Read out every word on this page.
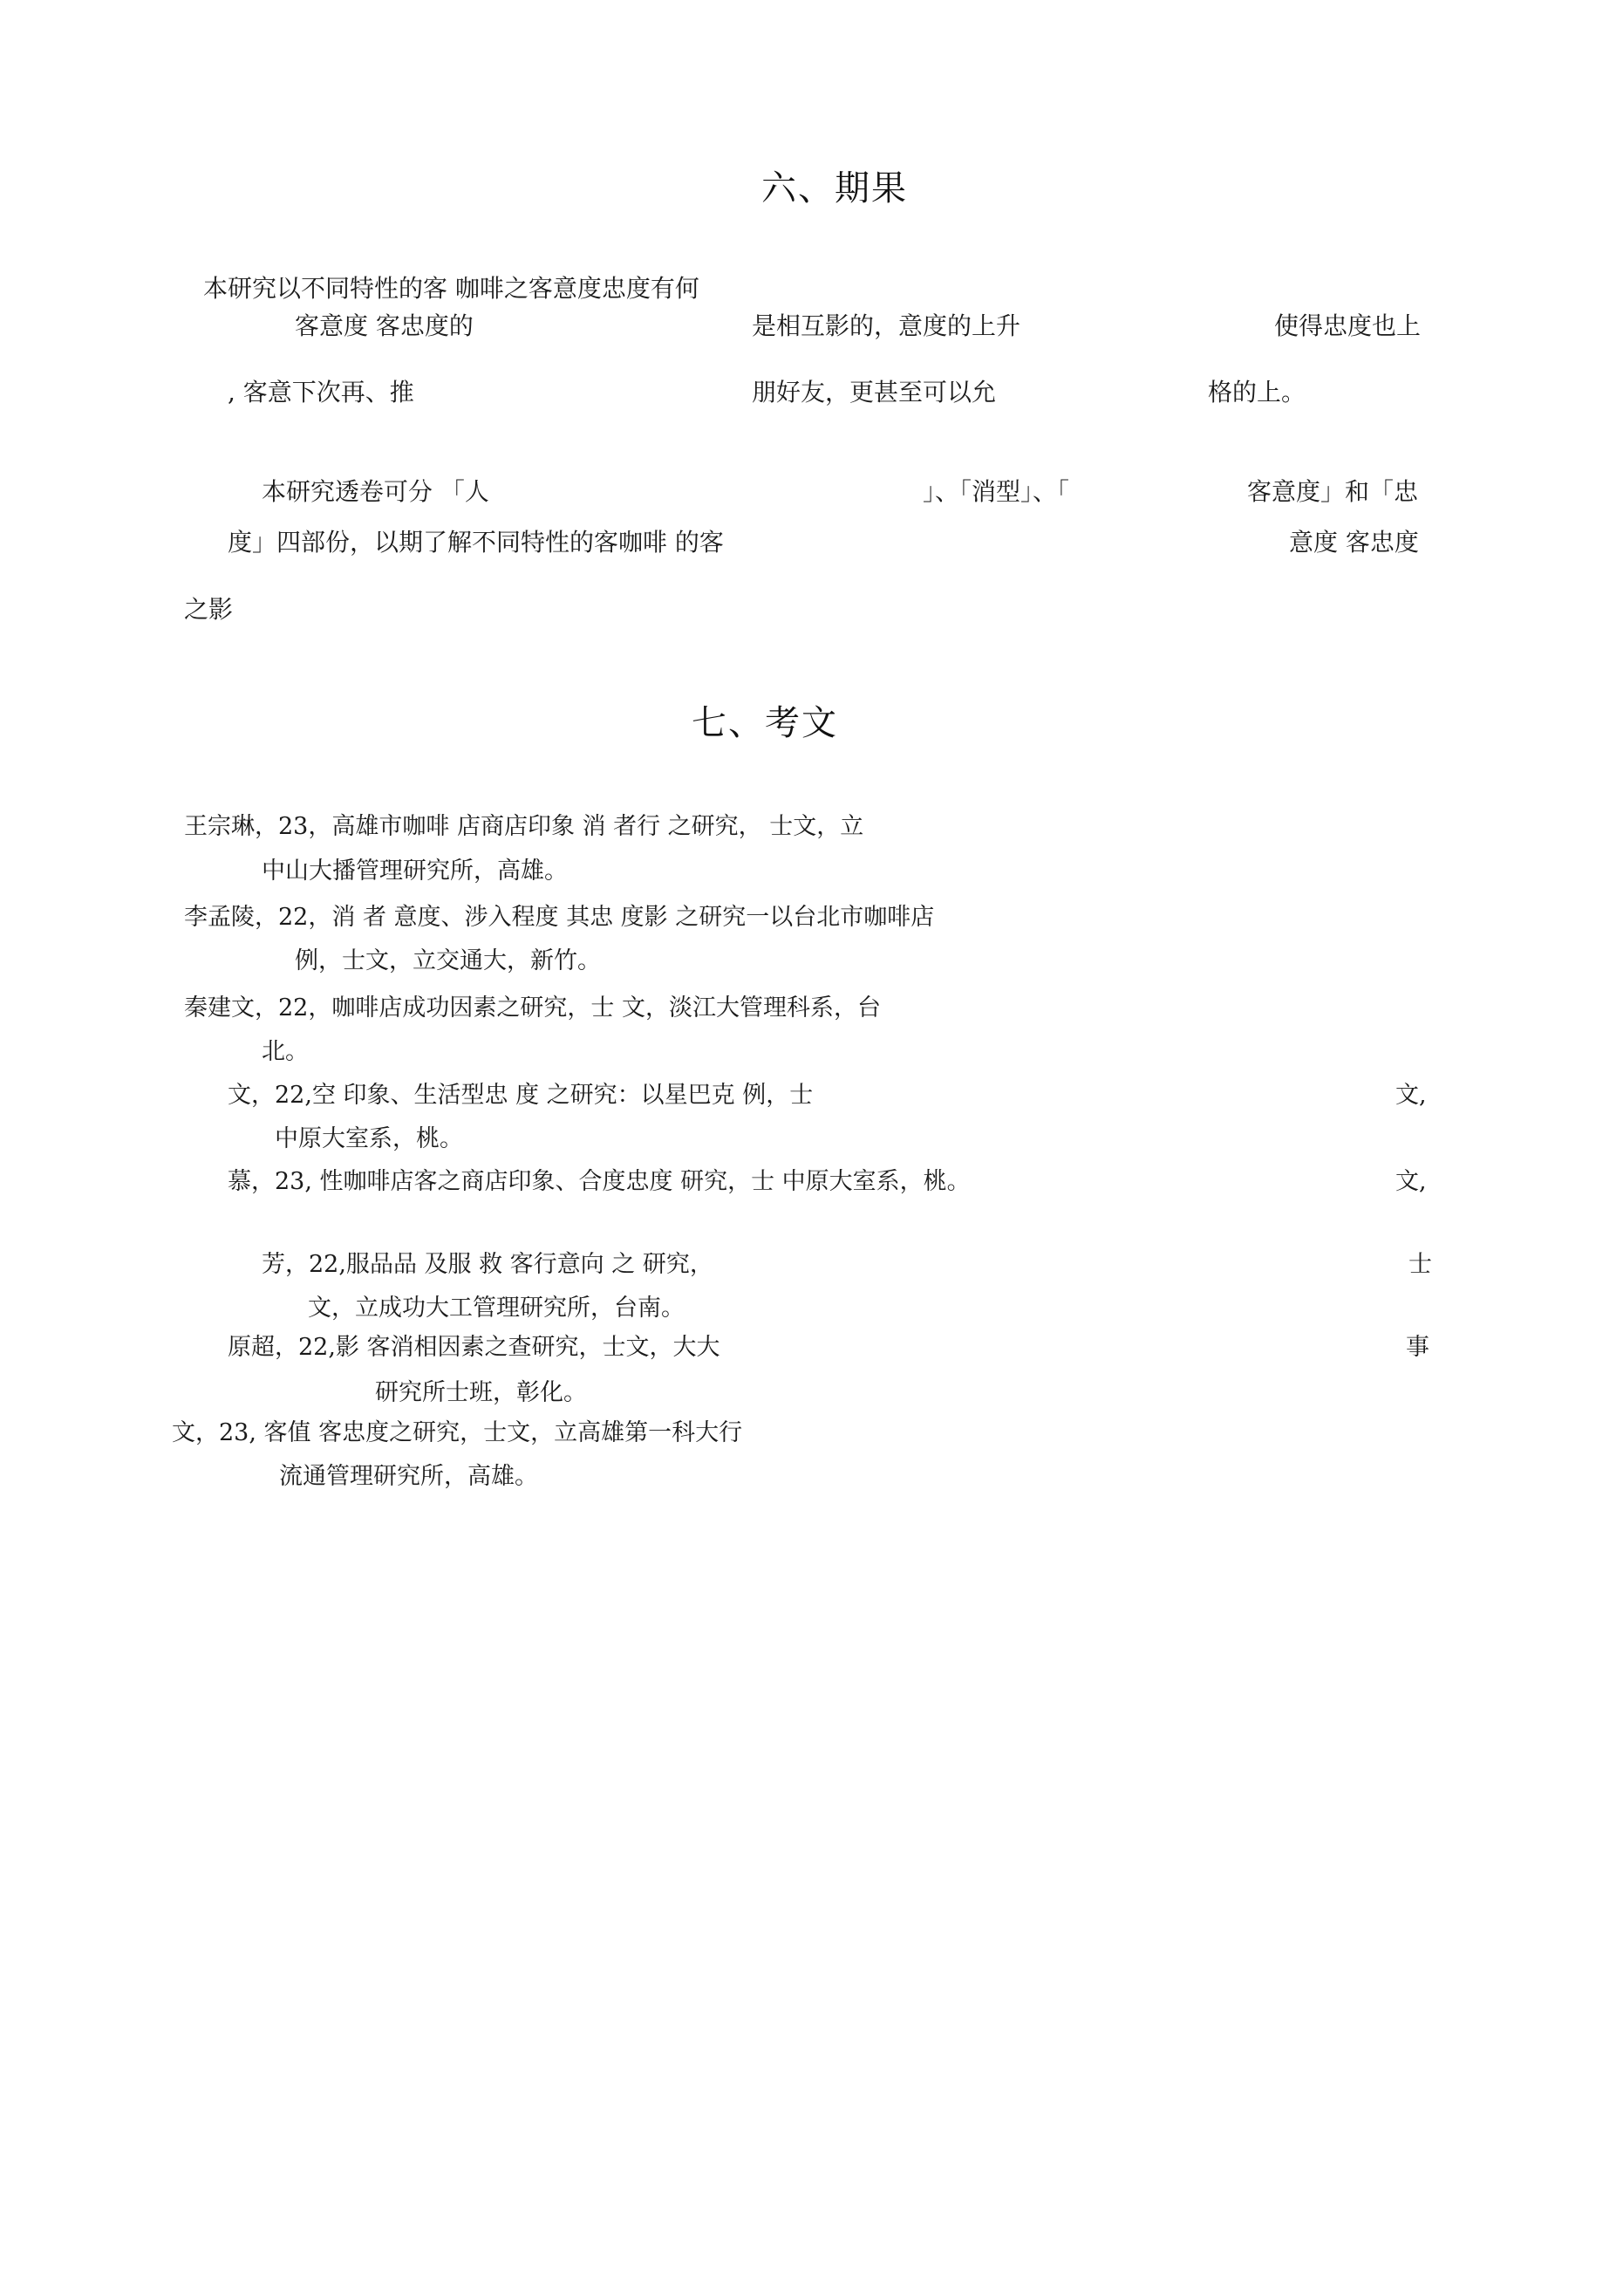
六、期果
本研究以不同特性的客 咖啡之客意度忠度有何
客意度 客忠度的	是相互影的，意度的上升	使得忠度也上
, 客意下次再、推	朋好友，更甚至可以允	格的上。
本研究透卷可分 「人	」、「消型」、「	客意度」和「忠
度」四部份，以期了解不同特性的客咖啡 的客	意度 客忠度
之影
七、考文
王宗琳，23，高雄市咖啡 店商店印象 消 者行 之研究， 士文，立
中山大播管理研究所，高雄。
李孟陵，22，消 者 意度、涉入程度 其忠 度影 之研究一以台北市咖啡店
例，士文，立交通大，新竹。
秦建文，22，咖啡店成功因素之研究，士 文，淡江大管理科系，台
北。
文，22,空 印象、生活型忠 度 之研究：以星巴克 例，士	文,
中原大室系，桃。
慕，23, 性咖啡店客之商店印象、合度忠度 研究，士 中原大室系，桃。	文,
芳，22,服品品 及服 救 客行意向 之 研究，	士
文，立成功大工管理研究所，台南。
原超，22,影 客消相因素之查研究，士文，大大	事
研究所士班，彰化。
文，23, 客值 客忠度之研究，士文，立高雄第一科大行
流通管理研究所，高雄。
